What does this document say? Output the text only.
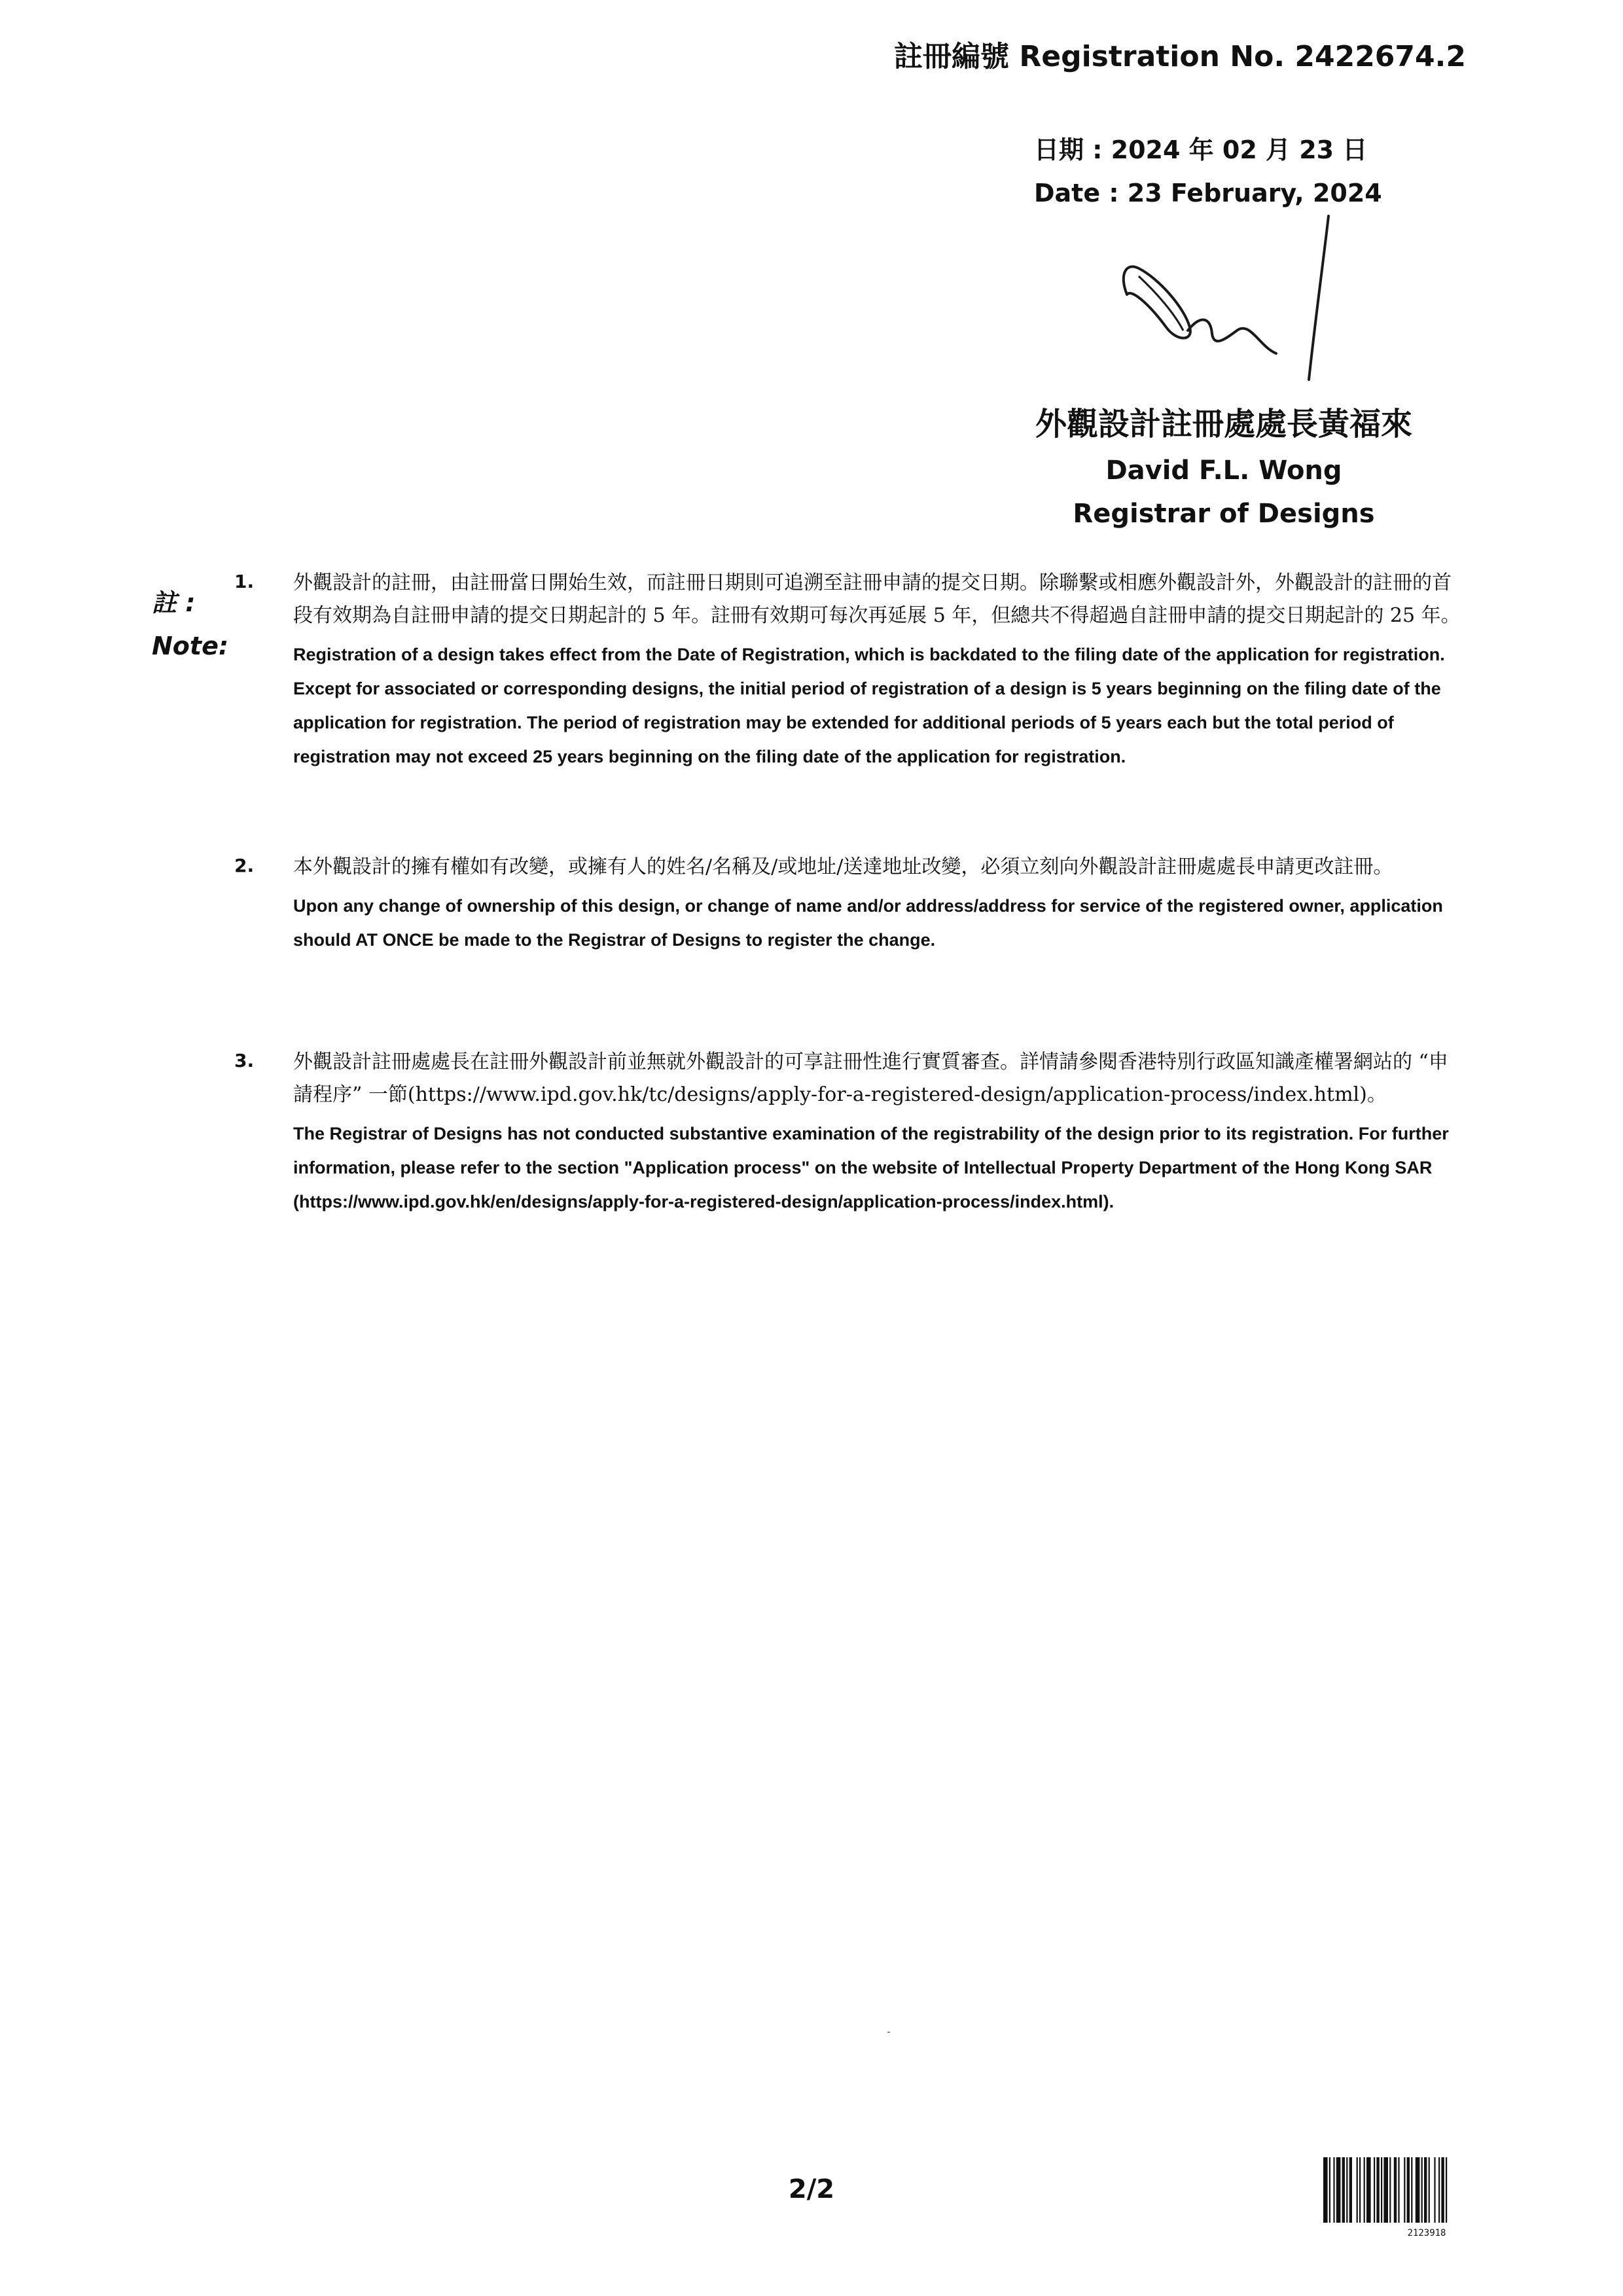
註冊編號 Registration No. 2422674.2
日期 : 2024 年 02 月 23 日
Date : 23 February, 2024
外觀設計註冊處處長黃福來
David F.L. Wong
Registrar of Designs
註 :
Note:
1. 外觀設計的註冊，由註冊當日開始生效，而註冊日期則可追溯至註冊申請的提交日期。除聯繫或相應外觀設計外，外觀設計的註冊的首段有效期為自註冊申請的提交日期起計的 5 年。註冊有效期可每次再延展 5 年，但總共不得超過自註冊申請的提交日期起計的 25 年。
Registration of a design takes effect from the Date of Registration, which is backdated to the filing date of the application for registration. Except for associated or corresponding designs, the initial period of registration of a design is 5 years beginning on the filing date of the application for registration. The period of registration may be extended for additional periods of 5 years each but the total period of registration may not exceed 25 years beginning on the filing date of the application for registration.
2. 本外觀設計的擁有權如有改變，或擁有人的姓名/名稱及/或地址/送達地址改變，必須立刻向外觀設計註冊處處長申請更改註冊。
Upon any change of ownership of this design, or change of name and/or address/address for service of the registered owner, application should AT ONCE be made to the Registrar of Designs to register the change.
3. 外觀設計註冊處處長在註冊外觀設計前並無就外觀設計的可享註冊性進行實質審查。詳情請參閱香港特別行政區知識產權署網站的 “申請程序” 一節(https://www.ipd.gov.hk/tc/designs/apply-for-a-registered-design/application-process/index.html)。
The Registrar of Designs has not conducted substantive examination of the registrability of the design prior to its registration. For further information, please refer to the section "Application process" on the website of Intellectual Property Department of the Hong Kong SAR (https://www.ipd.gov.hk/en/designs/apply-for-a-registered-design/application-process/index.html).
2/2
2123918
